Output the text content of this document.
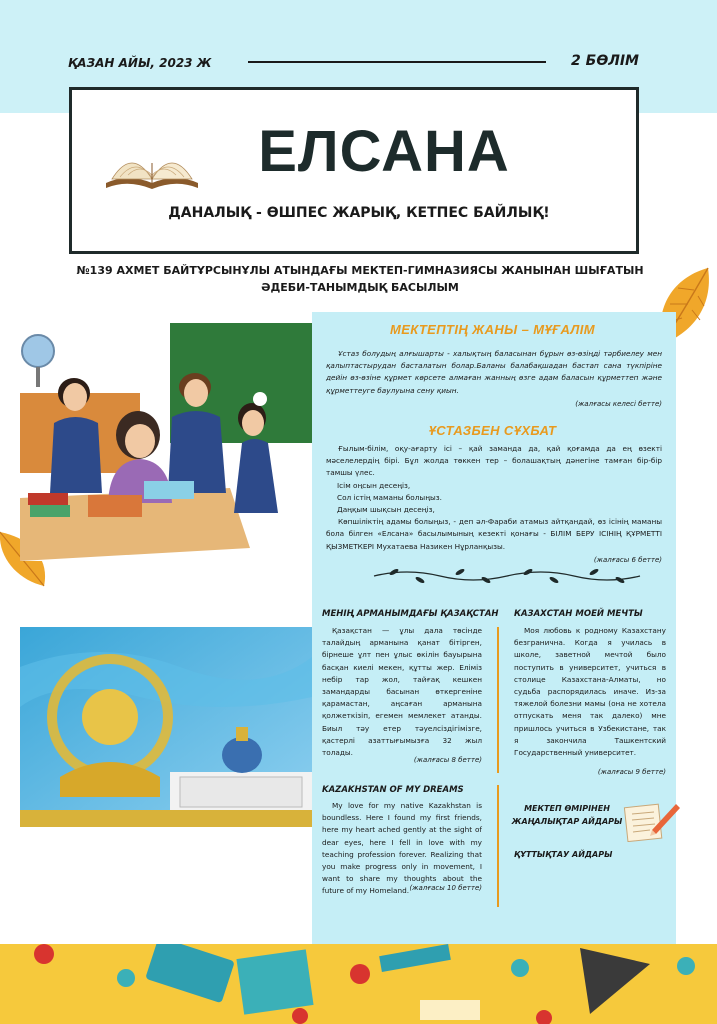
ҚАЗАН АЙЫ, 2023 Ж	2 БӨЛІМ
ЕЛСАНА
ДАНАЛЫҚ - ӨШПЕС ЖАРЫҚ, КЕТПЕС БАЙЛЫҚ!
№139 АХМЕТ БАЙТҰРСЫНҰЛЫ АТЫНДАҒЫ МЕКТЕП-ГИМНАЗИЯСЫ ЖАНЫНАН ШЫҒАТЫН
ӘДЕБИ-ТАНЫМДЫҚ БАСЫЛЫМ
МЕКТЕПТІҢ ЖАНЫ – МҰҒАЛІМ
Ұстаз болудың алғышарты - халықтың баласынан бұрын өз-өзіңді тәрбиелеу мен қалыптастырудан басталатын болар.Баланы балабақшадан бастап сана түкпіріне дейін өз-өзіне құрмет көрсете алмаған жанның өзге адам баласын құрметтеп және құрметтеуге баулуына сену қиын.
(жалғасы келесі бетте)
ҰСТАЗБЕН СҰХБАТ
Ғылым-білім, оқу-ағарту ісі – қай заманда да, қай қоғамда да ең өзекті мәселелердің бірі. Бұл жолда төккен тер – болашақтың дәнегіне тамған бір-бір тамшы үлес.
Ісім оңсын десеңіз,
Сол істің маманы болыңыз.
Даңқым шықсын десеңіз,
Көпшіліктің адамы болыңыз, - деп әл-Фараби атамыз айтқандай, өз ісінің маманы бола білген «Елсана» басылымының кезекті қонағы - БІЛІМ БЕРУ ІСІНІҢ ҚҰРМЕТТІ ҚЫЗМЕТКЕРІ Мухатаева Назикен Нұрланқызы.
(жалғасы 6 бетте)
МЕНІҢ АРМАНЫМДАҒЫ ҚАЗАҚСТАН
Қазақстан — ұлы дала төсінде талайдың арманына қанат бітірген, бірнеше ұлт пен ұлыс өкілін бауырына басқан киелі мекен, құтты жер. Еліміз небір тар жол, тайғақ кешкен замандарды басынан өткергеніне қарамастан, аңсаған арманына қолжеткізіп, егемен мемлекет атанды. Биыл тәу етер тәуелсіздігімізге, қастерлі азаттығымызға 32 жыл толады.
(жалғасы 8 бетте)
КАЗАХСТАН МОЕЙ МЕЧТЫ
Моя любовь к родному Казахстану безгранична. Когда я училась в школе, заветной мечтой было поступить в университет, учиться в столице Казахстана-Алматы, но судьба распорядилась иначе. Из-за тяжелой болезни мамы (она не хотела отпускать меня так далеко) мне пришлось учиться в Узбекистане, так я закончила Ташкентский Государственный университет.
(жалғасы 9 бетте)
KAZAKHSTAN OF MY DREAMS
My love for my native Kazakhstan is boundless. Here I found my first friends, here my heart ached gently at the sight of dear eyes, here I fell in love with my teaching profession forever. Realizing that you make progress only in movement, I want to share my thoughts about the future of my Homeland. (жалғасы 10 бетте)
МЕКТЕП ӨМІРІНЕН
ЖАҢАЛЫҚТАР АЙДАРЫ
ҚҰТТЫҚТАУ АЙДАРЫ
